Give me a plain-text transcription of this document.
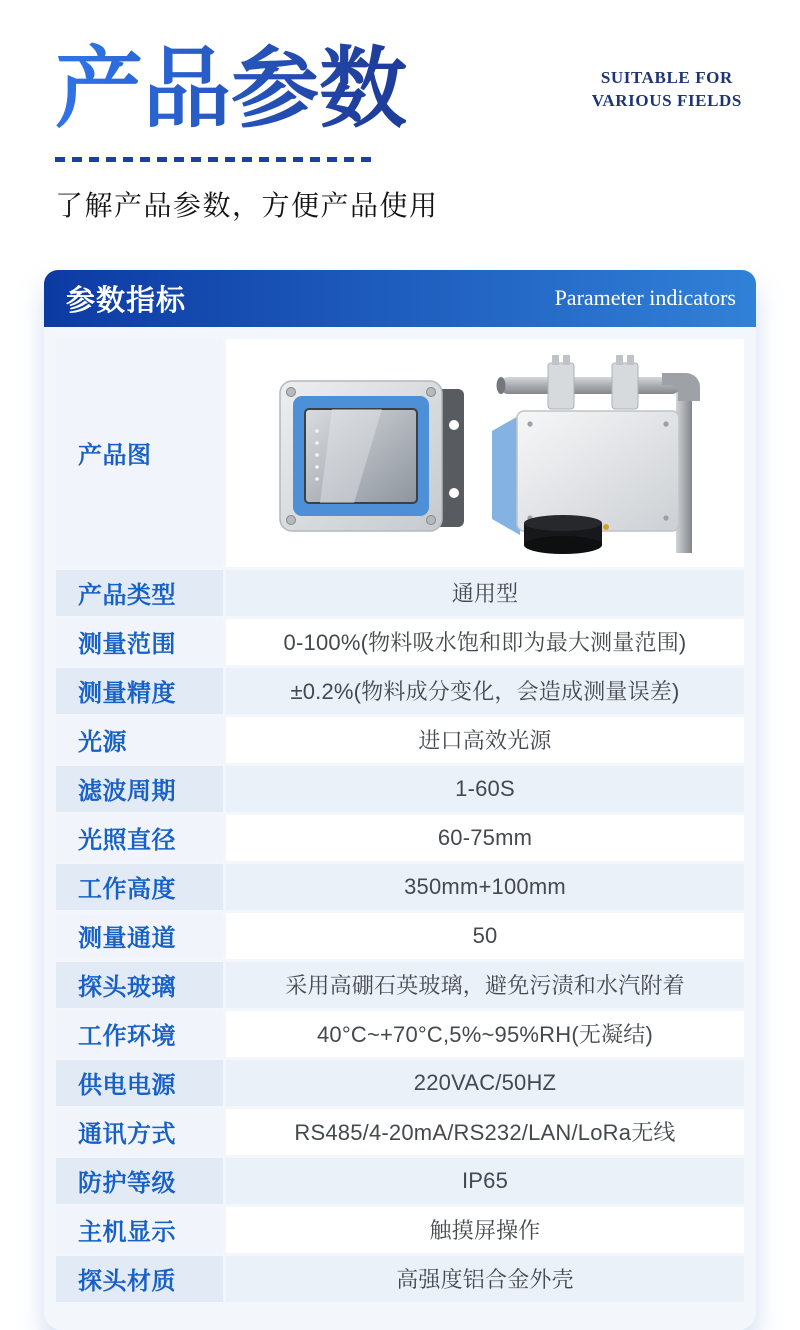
产品参数	SUITABLE FOR
VARIOUS FIELDS
了解产品参数，方便产品使用
参数指标	Parameter indicators
产品图
产品类型	通用型
测量范围	0-100%(物料吸水饱和即为最大测量范围)
测量精度	±0.2%(物料成分变化，会造成测量误差)
光源	进口高效光源
滤波周期	1-60S
光照直径	60-75mm
工作高度	350mm+100mm
测量通道	50
探头玻璃	采用高硼石英玻璃，避免污渍和水汽附着
工作环境	40°C~+70°C,5%~95%RH(无凝结)
供电电源	220VAC/50HZ
通讯方式	RS485/4-20mA/RS232/LAN/LoRa无线
防护等级	IP65
主机显示	触摸屏操作
探头材质	高强度铝合金外壳
